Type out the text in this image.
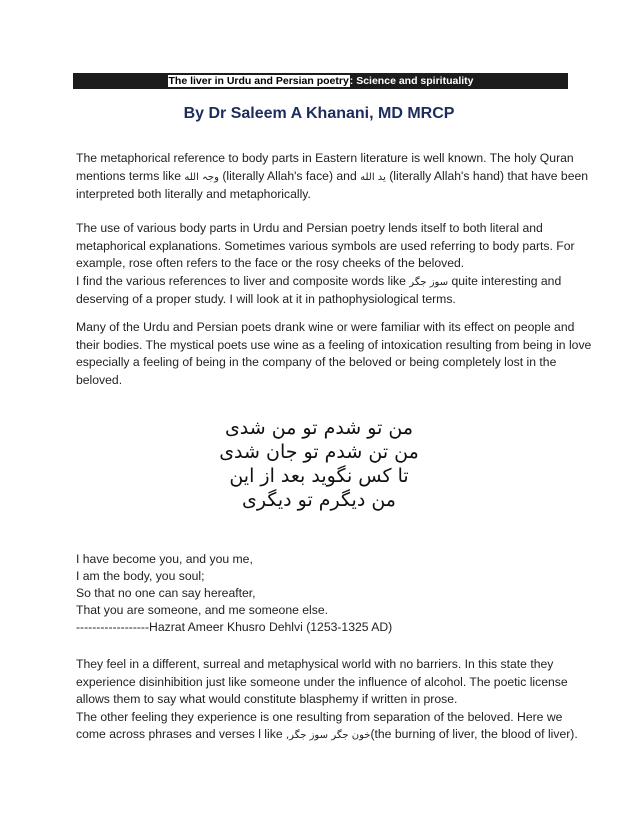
The liver in Urdu and Persian poetry: Science and spirituality
By Dr Saleem A Khanani, MD MRCP

The metaphorical reference to body parts in Eastern literature is well known. The holy Quran
mentions terms like وجہ الله (literally Allah's face) and يد الله (literally Allah's hand) that have been
interpreted both literally and metaphorically.

The use of various body parts in Urdu and Persian poetry lends itself to both literal and
metaphorical explanations. Sometimes various symbols are used referring to body parts. For
example, rose often refers to the face or the rosy cheeks of the beloved.
I find the various references to liver and composite words like سوز جگر quite interesting and
deserving of a proper study. I will look at it in pathophysiological terms.

Many of the Urdu and Persian poets drank wine or were familiar with its effect on people and
their bodies. The mystical poets use wine as a feeling of intoxication resulting from being in love
especially a feeling of being in the company of the beloved or being completely lost in the
beloved.

من تو شدم تو من شدی
من تن شدم تو جان شدی
تا کس نگوید بعد از این
من دیگرم تو دیگری

I have become you, and you me,
I am the body, you soul;
So that no one can say hereafter,
That you are someone, and me someone else.
------------------Hazrat Ameer Khusro Dehlvi (1253-1325 AD)

They feel in a different, surreal and metaphysical world with no barriers. In this state they
experience disinhibition just like someone under the influence of alcohol. The poetic license
allows them to say what would constitute blasphemy if written in prose.
The other feeling they experience is one resulting from separation of the beloved. Here we
come across phrases and verses l like سوز جگر, خون جگر(the burning of liver, the blood of liver).
